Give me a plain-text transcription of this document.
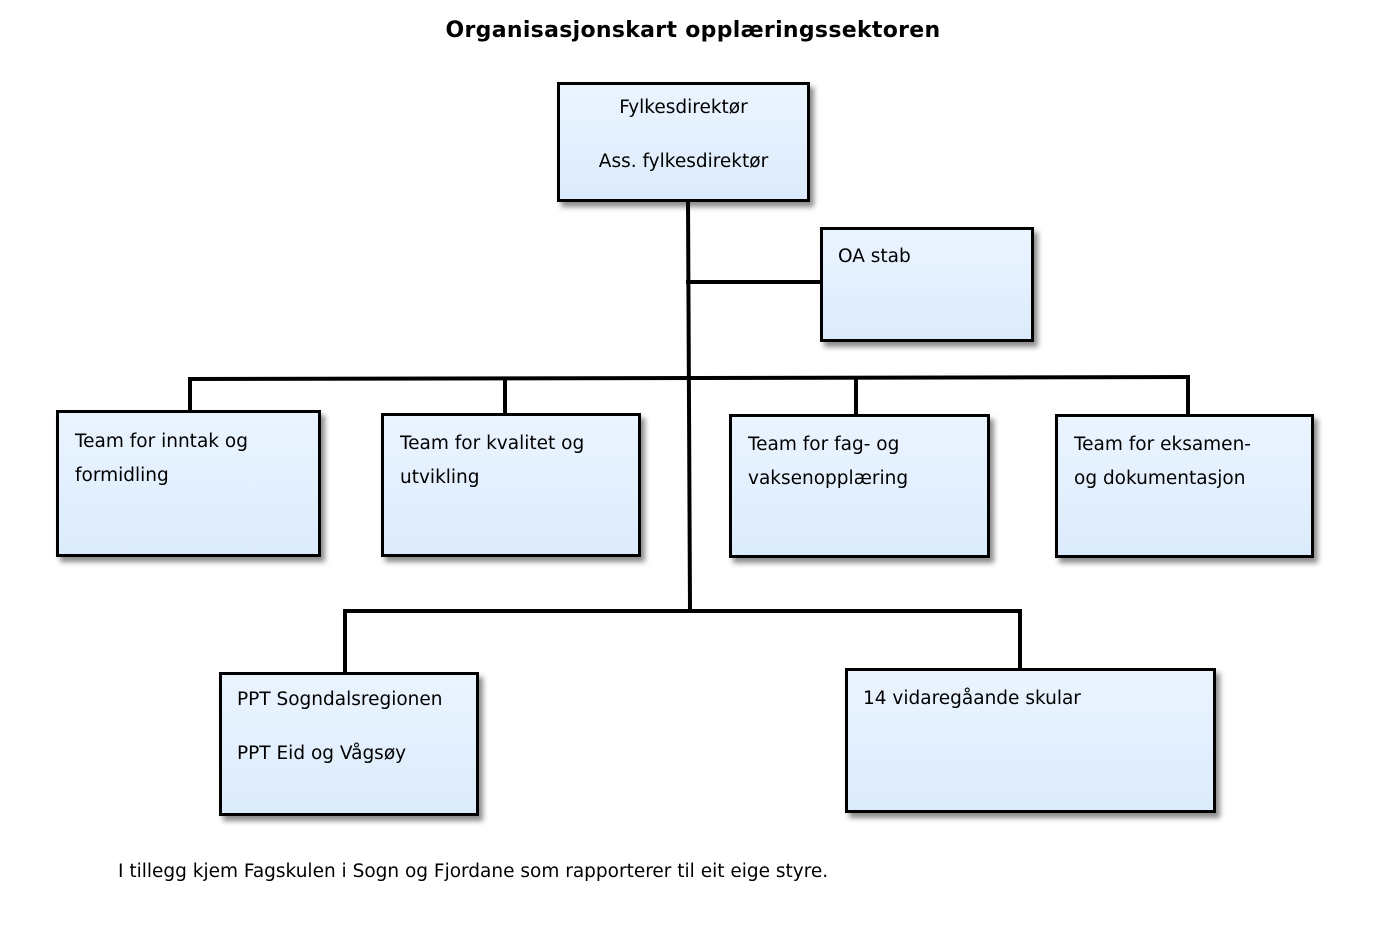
Organisasjonskart opplæringssektoren
Fylkesdirektør
Ass. fylkesdirektør
OA stab
Team for inntak og
formidling
Team for kvalitet og
utvikling
Team for fag- og
vaksenopplæring
Team for eksamen-
og dokumentasjon
PPT Sogndalsregionen
PPT Eid og Vågsøy
14 vidaregåande skular
I tillegg kjem Fagskulen i Sogn og Fjordane som rapporterer til eit eige styre.
